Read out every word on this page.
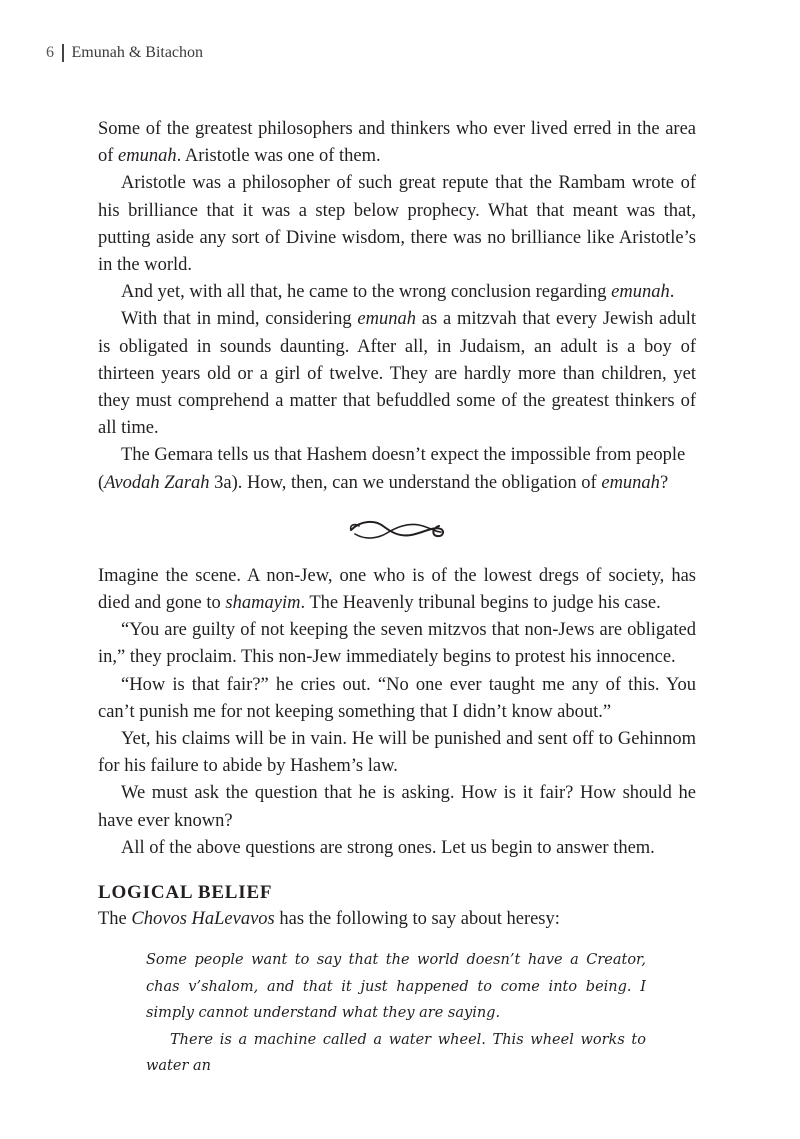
6 Emunah & Bitachon

Some of the greatest philosophers and thinkers who ever lived erred in the area of emunah. Aristotle was one of them.

Aristotle was a philosopher of such great repute that the Rambam wrote of his brilliance that it was a step below prophecy. What that meant was that, putting aside any sort of Divine wisdom, there was no brilliance like Aristotle’s in the world.

And yet, with all that, he came to the wrong conclusion regarding emunah.

With that in mind, considering emunah as a mitzvah that every Jewish adult is obligated in sounds daunting. After all, in Judaism, an adult is a boy of thirteen years old or a girl of twelve. They are hardly more than children, yet they must comprehend a matter that befuddled some of the greatest thinkers of all time.

The Gemara tells us that Hashem doesn’t expect the impossible from people (Avodah Zarah 3a). How, then, can we understand the obligation of emunah?

Imagine the scene. A non-Jew, one who is of the lowest dregs of society, has died and gone to shamayim. The Heavenly tribunal begins to judge his case.

“You are guilty of not keeping the seven mitzvos that non-Jews are obligated in,” they proclaim. This non-Jew immediately begins to protest his innocence.

“How is that fair?” he cries out. “No one ever taught me any of this. You can’t punish me for not keeping something that I didn’t know about.”

Yet, his claims will be in vain. He will be punished and sent off to Gehinnom for his failure to abide by Hashem’s law.

We must ask the question that he is asking. How is it fair? How should he have ever known?

All of the above questions are strong ones. Let us begin to answer them.

LOGICAL BELIEF

The Chovos HaLevavos has the following to say about heresy:

Some people want to say that the world doesn’t have a Creator, chas v’shalom, and that it just happened to come into being. I simply cannot understand what they are saying.

There is a machine called a water wheel. This wheel works to water an
